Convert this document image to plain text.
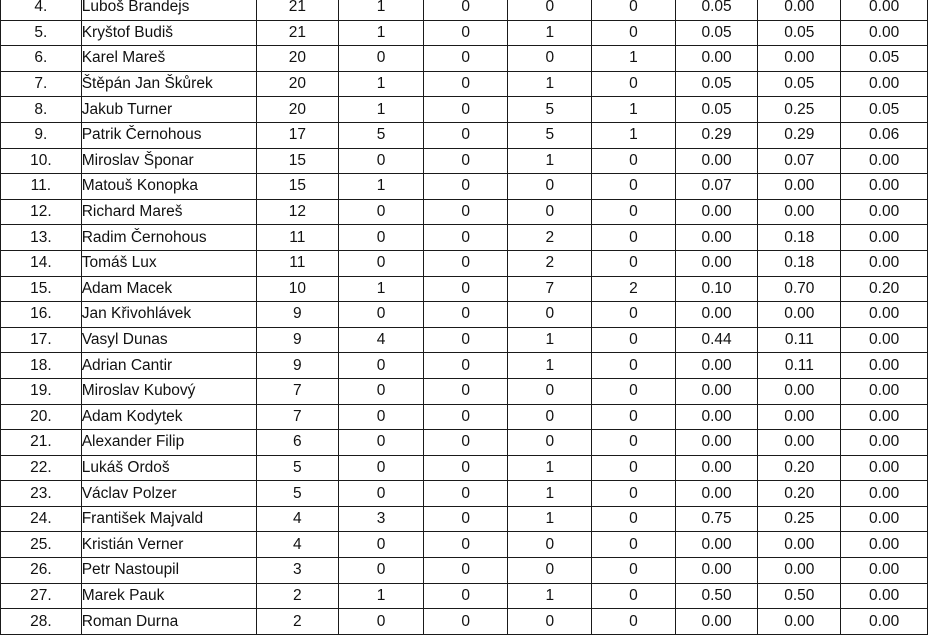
4.	Luboš Brandejs	21	1	0	0	0	0.05	0.00	0.00
5.	Kryštof Budiš	21	1	0	1	0	0.05	0.05	0.00
6.	Karel Mareš	20	0	0	0	1	0.00	0.00	0.05
7.	Štěpán Jan Škůrek	20	1	0	1	0	0.05	0.05	0.00
8.	Jakub Turner	20	1	0	5	1	0.05	0.25	0.05
9.	Patrik Černohous	17	5	0	5	1	0.29	0.29	0.06
10.	Miroslav Šponar	15	0	0	1	0	0.00	0.07	0.00
11.	Matouš Konopka	15	1	0	0	0	0.07	0.00	0.00
12.	Richard Mareš	12	0	0	0	0	0.00	0.00	0.00
13.	Radim Černohous	11	0	0	2	0	0.00	0.18	0.00
14.	Tomáš Lux	11	0	0	2	0	0.00	0.18	0.00
15.	Adam Macek	10	1	0	7	2	0.10	0.70	0.20
16.	Jan Křivohlávek	9	0	0	0	0	0.00	0.00	0.00
17.	Vasyl Dunas	9	4	0	1	0	0.44	0.11	0.00
18.	Adrian Cantir	9	0	0	1	0	0.00	0.11	0.00
19.	Miroslav Kubový	7	0	0	0	0	0.00	0.00	0.00
20.	Adam Kodytek	7	0	0	0	0	0.00	0.00	0.00
21.	Alexander Filip	6	0	0	0	0	0.00	0.00	0.00
22.	Lukáš Ordoš	5	0	0	1	0	0.00	0.20	0.00
23.	Václav Polzer	5	0	0	1	0	0.00	0.20	0.00
24.	František Majvald	4	3	0	1	0	0.75	0.25	0.00
25.	Kristián Verner	4	0	0	0	0	0.00	0.00	0.00
26.	Petr Nastoupil	3	0	0	0	0	0.00	0.00	0.00
27.	Marek Pauk	2	1	0	1	0	0.50	0.50	0.00
28.	Roman Durna	2	0	0	0	0	0.00	0.00	0.00
